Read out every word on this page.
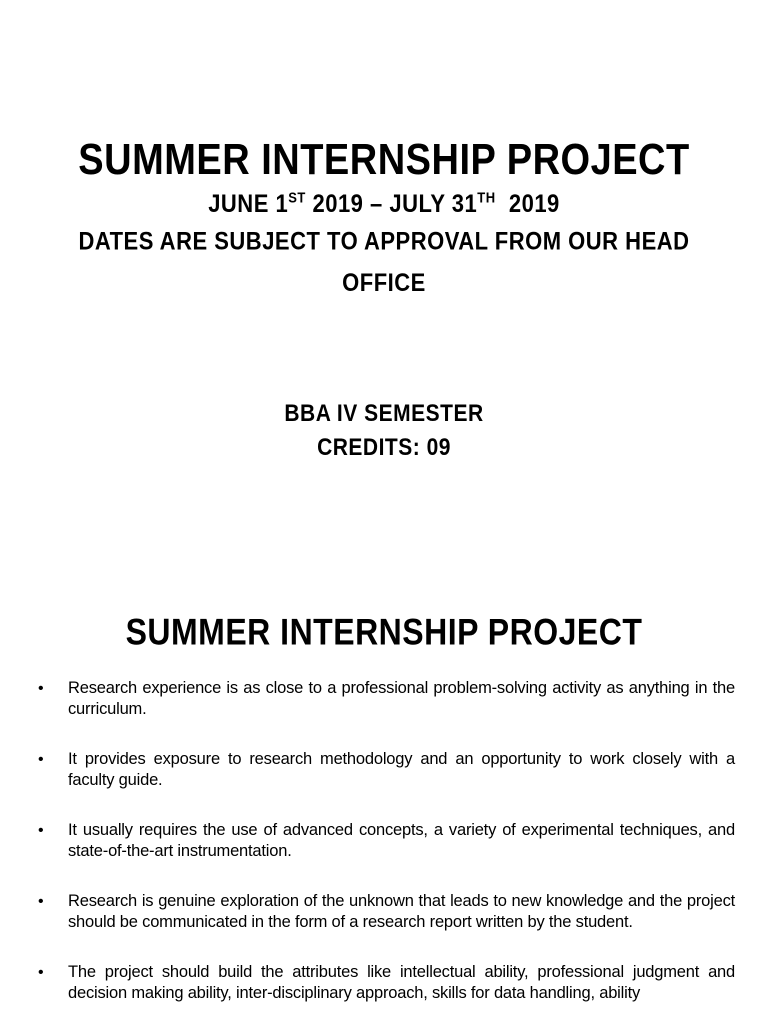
SUMMER INTERNSHIP PROJECT
JUNE 1ST 2019 – JULY 31TH  2019
DATES ARE SUBJECT TO APPROVAL FROM OUR HEAD OFFICE
BBA IV SEMESTER
CREDITS: 09
SUMMER INTERNSHIP PROJECT
• Research experience is as close to a professional problem-solving activity as anything in the curriculum.
• It provides exposure to research methodology and an opportunity to work closely with a faculty guide.
• It usually requires the use of advanced concepts, a variety of experimental techniques, and state-of-the-art instrumentation.
• Research is genuine exploration of the unknown that leads to new knowledge and the project should be communicated in the form of a research report written by the student.
• The project should build the attributes like intellectual ability, professional judgment and decision making ability, inter-disciplinary approach, skills for data handling, ability
